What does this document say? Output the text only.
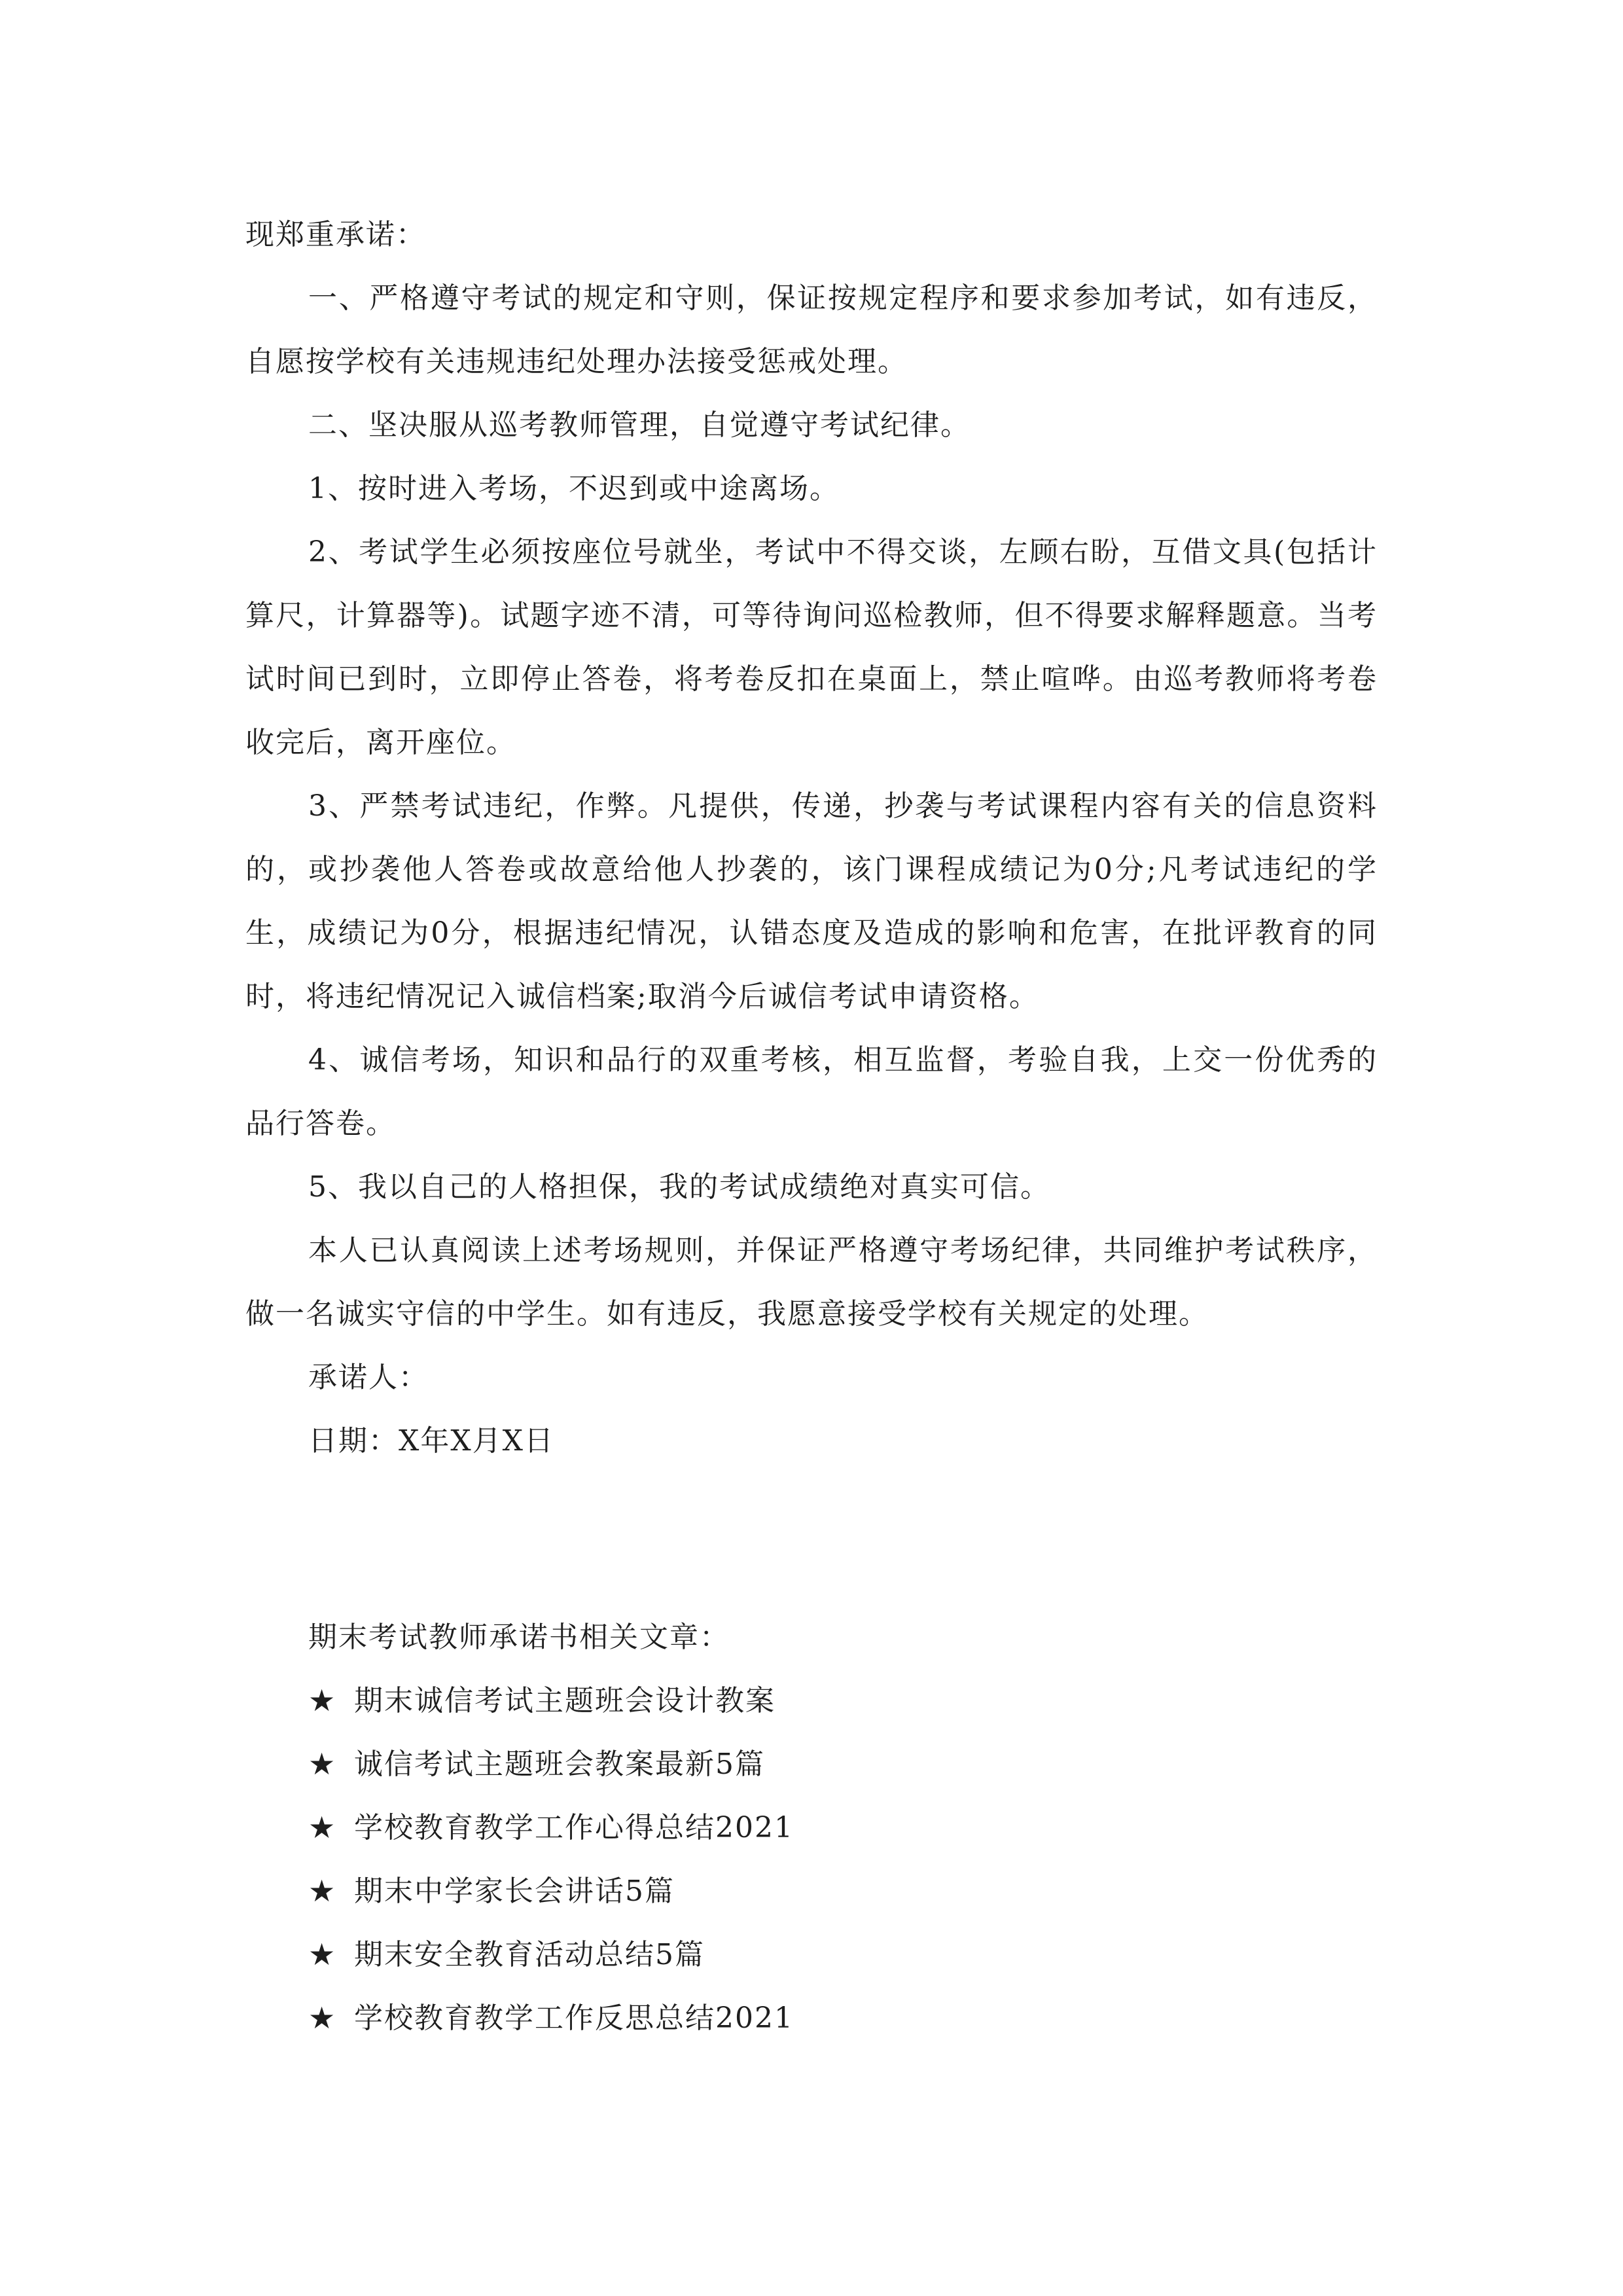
现郑重承诺：

一、严格遵守考试的规定和守则，保证按规定程序和要求参加考试，如有违反，自愿按学校有关违规违纪处理办法接受惩戒处理。

二、坚决服从巡考教师管理，自觉遵守考试纪律。

1、按时进入考场，不迟到或中途离场。

2、考试学生必须按座位号就坐，考试中不得交谈，左顾右盼，互借文具(包括计算尺，计算器等)。试题字迹不清，可等待询问巡检教师，但不得要求解释题意。当考试时间已到时，立即停止答卷，将考卷反扣在桌面上，禁止喧哗。由巡考教师将考卷收完后，离开座位。

3、严禁考试违纪，作弊。凡提供，传递，抄袭与考试课程内容有关的信息资料的，或抄袭他人答卷或故意给他人抄袭的，该门课程成绩记为0分;凡考试违纪的学生，成绩记为0分，根据违纪情况，认错态度及造成的影响和危害，在批评教育的同时，将违纪情况记入诚信档案;取消今后诚信考试申请资格。

4、诚信考场，知识和品行的双重考核，相互监督，考验自我，上交一份优秀的品行答卷。

5、我以自己的人格担保，我的考试成绩绝对真实可信。

本人已认真阅读上述考场规则，并保证严格遵守考场纪律，共同维护考试秩序，做一名诚实守信的中学生。如有违反，我愿意接受学校有关规定的处理。

承诺人：

日期：X年X月X日

期末考试教师承诺书相关文章：

★ 期末诚信考试主题班会设计教案
★ 诚信考试主题班会教案最新5篇
★ 学校教育教学工作心得总结2021
★ 期末中学家长会讲话5篇
★ 期末安全教育活动总结5篇
★ 学校教育教学工作反思总结2021
